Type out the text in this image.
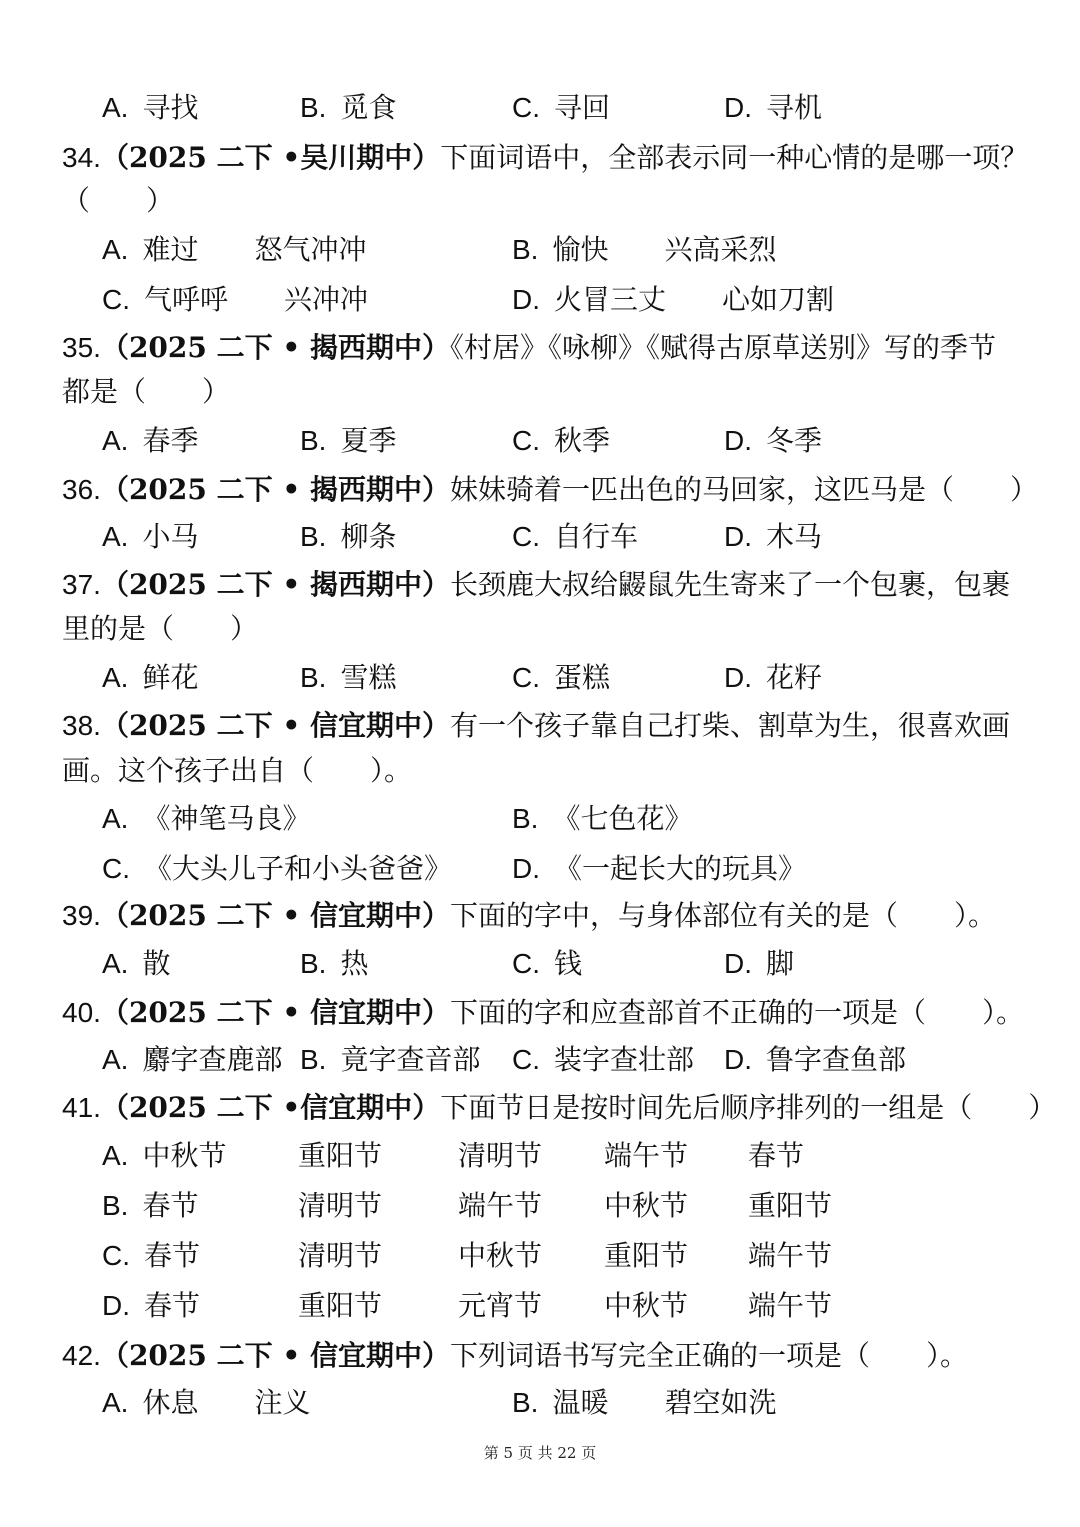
A. 寻找	B. 觅食	C. 寻回	D. 寻机
34.（2025 二下 •吴川期中）下面词语中，全部表示同一种心情的是哪一项？
（　　）
A. 难过　　怒气冲冲	B. 愉快　　兴高采烈
C. 气呼呼　　兴冲冲	D. 火冒三丈　　心如刀割
35.（2025 二下 • 揭西期中）《村居》《咏柳》《赋得古原草送别》写的季节
都是（　　）
A. 春季	B. 夏季	C. 秋季	D. 冬季
36.（2025 二下 • 揭西期中）妹妹骑着一匹出色的马回家，这匹马是（　　）
A. 小马	B. 柳条	C. 自行车	D. 木马
37.（2025 二下 • 揭西期中）长颈鹿大叔给鼹鼠先生寄来了一个包裹，包裹
里的是（　　）
A. 鲜花	B. 雪糕	C. 蛋糕	D. 花籽
38.（2025 二下 • 信宜期中）有一个孩子靠自己打柴、割草为生，很喜欢画
画。这个孩子出自（　　）。
A. 《神笔马良》	B. 《七色花》
C. 《大头儿子和小头爸爸》 D. 《一起长大的玩具》
39.（2025 二下 • 信宜期中）下面的字中，与身体部位有关的是（　　）。
A. 散	B. 热	C. 钱	D. 脚
40.（2025 二下 • 信宜期中）下面的字和应查部首不正确的一项是（　　）。
A. 麝字查鹿部 B. 竟字查音部 C. 装字查壮部 D. 鲁字查鱼部
41.（2025 二下 •信宜期中）下面节日是按时间先后顺序排列的一组是（　　）
A. 中秋节	重阳节	清明节 端午节 春节
B. 春节	清明节	端午节 中秋节 重阳节
C. 春节	清明节	中秋节 重阳节 端午节
D. 春节	重阳节	元宵节 中秋节 端午节
42.（2025 二下 • 信宜期中）下列词语书写完全正确的一项是（　　）。
A. 休息　　注义	B. 温暖　　碧空如洗
第 5 页 共 22 页
